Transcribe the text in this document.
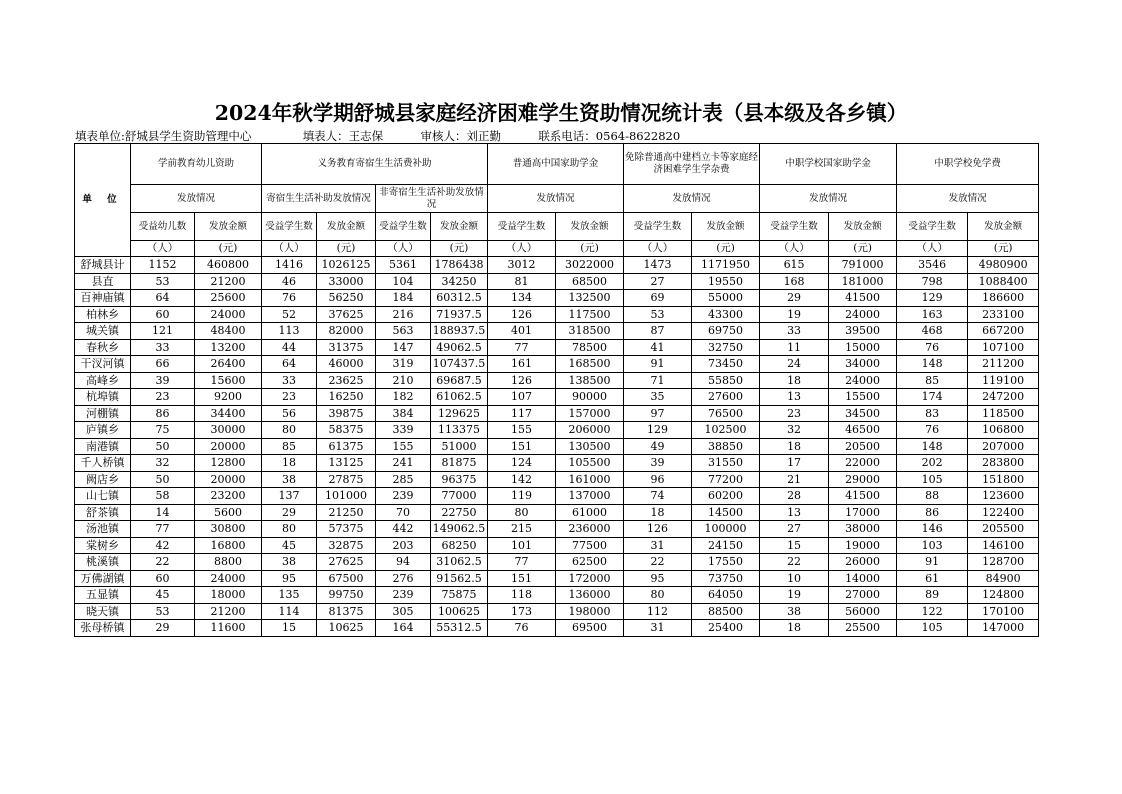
2024年秋学期舒城县家庭经济困难学生资助情况统计表（县本级及各乡镇）
填表单位:舒城县学生资助管理中心	填表人：王志保	审核人：刘正勤	联系电话：0564-8622820
单 位	学前教育幼儿资助		义务教育寄宿生生活费补助				普通高中国家助学金		免除普通高中建档立卡等家庭经济困难学生学杂费		中职学校国家助学金		中职学校免学费	
	发放情况		寄宿生生活补助发放情况		非寄宿生生活补助发放情况		发放情况		发放情况		发放情况		发放情况	
	受益幼儿数	发放金额	受益学生数	发放金额	受益学生数	发放金额	受益学生数	发放金额	受益学生数	发放金额	受益学生数	发放金额	受益学生数	发放金额
	（人）	(元)	（人）	(元)	（人）	(元)	（人）	(元)	（人）	(元)	（人）	(元)	（人）	(元)
舒城县计	1152	460800	1416	1026125	5361	1786438	3012	3022000	1473	1171950	615	791000	3546	4980900
县直	53	21200	46	33000	104	34250	81	68500	27	19550	168	181000	798	1088400
百神庙镇	64	25600	76	56250	184	60312.5	134	132500	69	55000	29	41500	129	186600
柏林乡	60	24000	52	37625	216	71937.5	126	117500	53	43300	19	24000	163	233100
城关镇	121	48400	113	82000	563	188937.5	401	318500	87	69750	33	39500	468	667200
春秋乡	33	13200	44	31375	147	49062.5	77	78500	41	32750	11	15000	76	107100
干汊河镇	66	26400	64	46000	319	107437.5	161	168500	91	73450	24	34000	148	211200
高峰乡	39	15600	33	23625	210	69687.5	126	138500	71	55850	18	24000	85	119100
杭埠镇	23	9200	23	16250	182	61062.5	107	90000	35	27600	13	15500	174	247200
河棚镇	86	34400	56	39875	384	129625	117	157000	97	76500	23	34500	83	118500
庐镇乡	75	30000	80	58375	339	113375	155	206000	129	102500	32	46500	76	106800
南港镇	50	20000	85	61375	155	51000	151	130500	49	38850	18	20500	148	207000
千人桥镇	32	12800	18	13125	241	81875	124	105500	39	31550	17	22000	202	283800
阙店乡	50	20000	38	27875	285	96375	142	161000	96	77200	21	29000	105	151800
山七镇	58	23200	137	101000	239	77000	119	137000	74	60200	28	41500	88	123600
舒茶镇	14	5600	29	21250	70	22750	80	61000	18	14500	13	17000	86	122400
汤池镇	77	30800	80	57375	442	149062.5	215	236000	126	100000	27	38000	146	205500
棠树乡	42	16800	45	32875	203	68250	101	77500	31	24150	15	19000	103	146100
桃溪镇	22	8800	38	27625	94	31062.5	77	62500	22	17550	22	26000	91	128700
万佛湖镇	60	24000	95	67500	276	91562.5	151	172000	95	73750	10	14000	61	84900
五显镇	45	18000	135	99750	239	75875	118	136000	80	64050	19	27000	89	124800
晓天镇	53	21200	114	81375	305	100625	173	198000	112	88500	38	56000	122	170100
张母桥镇	29	11600	15	10625	164	55312.5	76	69500	31	25400	18	25500	105	147000
